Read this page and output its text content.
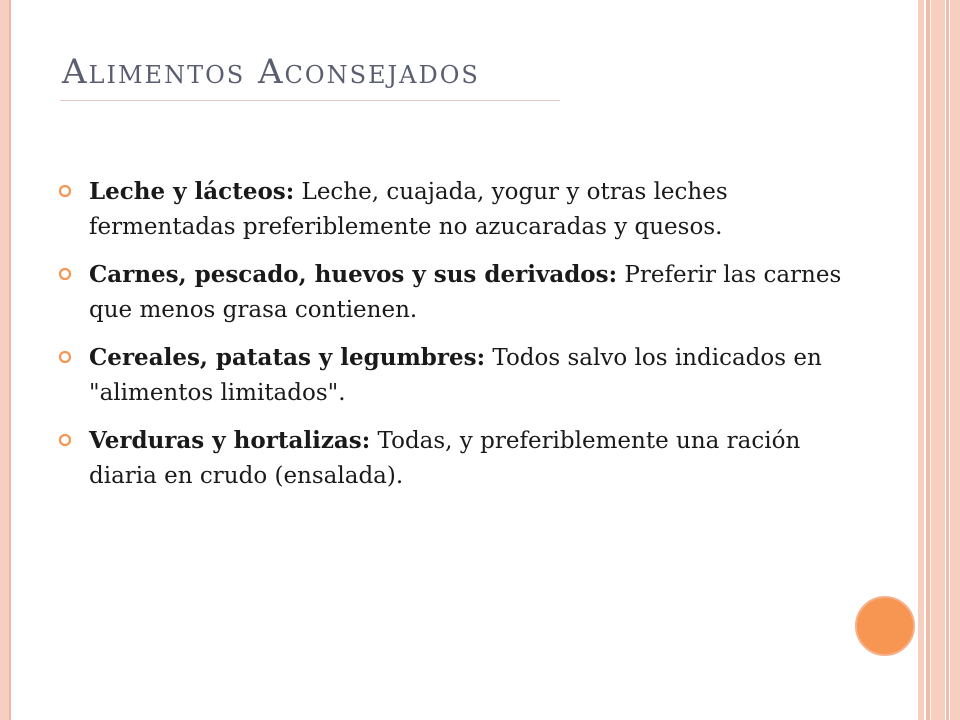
Alimentos Aconsejados
Leche y lácteos: Leche, cuajada, yogur y otras leches fermentadas preferiblemente no azucaradas y quesos.
Carnes, pescado, huevos y sus derivados: Preferir las carnes que menos grasa contienen.
Cereales, patatas y legumbres: Todos salvo los indicados en "alimentos limitados".
Verduras y hortalizas: Todas, y preferiblemente una ración diaria en crudo (ensalada).
